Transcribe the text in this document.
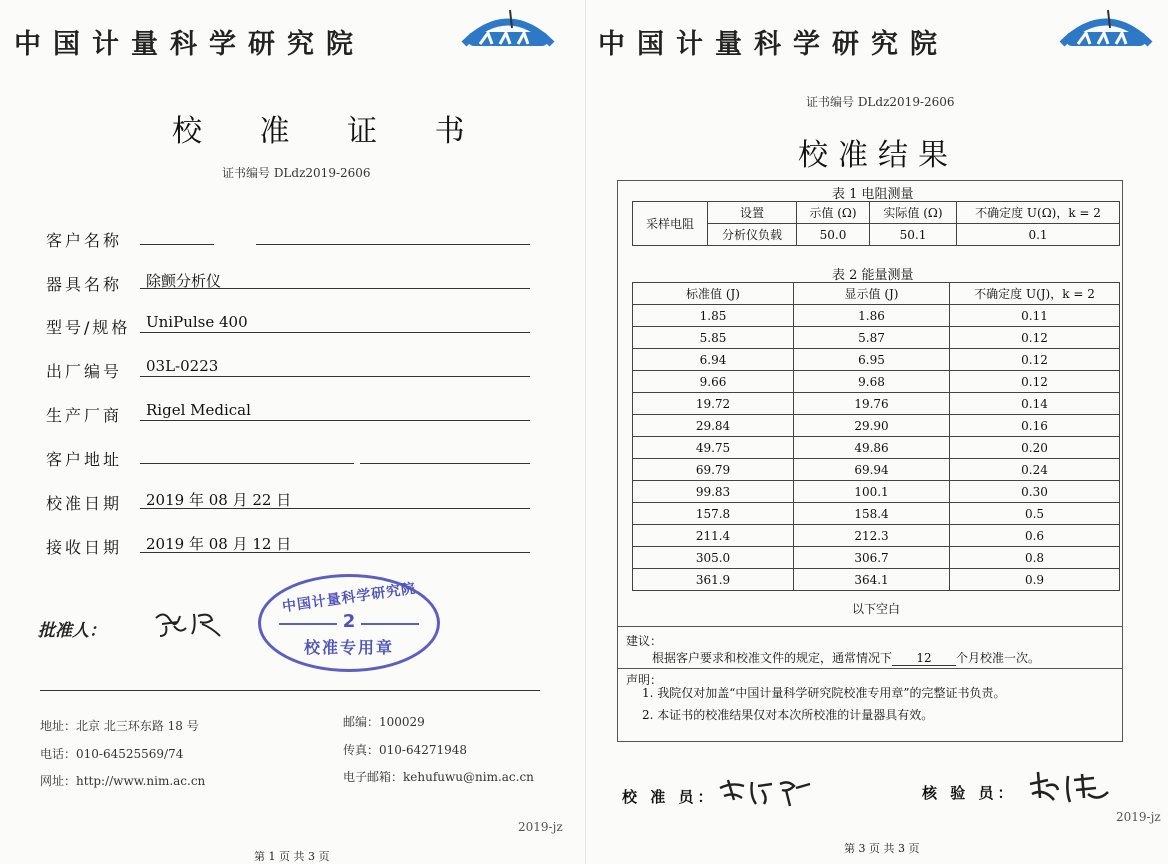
中国计量科学研究院
校 准 证 书
证书编号 DLdz2019-2606
客户名称
器具名称 除颤分析仪
型号/规格 UniPulse 400
出厂编号 03L-0223
生产厂商 Rigel Medical
客户地址
校准日期 2019 年 08 月 22 日
接收日期 2019 年 08 月 12 日
批准人：
中国计量科学研究院
2
校准专用章
地址：北京 北三环东路 18 号	邮编：100029
电话：010-64525569/74	传真：010-64271948
网址：http://www.nim.ac.cn	电子邮箱：kehufuwu@nim.ac.cn
2019-jz
第 1 页 共 3 页
中国计量科学研究院
证书编号 DLdz2019-2606
校准结果
表 1 电阻测量
采样电阻	设置	示值 (Ω)	实际值 (Ω)	不确定度 U(Ω)，k = 2
	分析仪负载	50.0	50.1	0.1
表 2 能量测量
标准值 (J)	显示值 (J)	不确定度 U(J)，k = 2
1.85	1.86	0.11
5.85	5.87	0.12
6.94	6.95	0.12
9.66	9.68	0.12
19.72	19.76	0.14
29.84	29.90	0.16
49.75	49.86	0.20
69.79	69.94	0.24
99.83	100.1	0.30
157.8	158.4	0.5
211.4	212.3	0.6
305.0	306.7	0.8
361.9	364.1	0.9
以下空白
建议：
根据客户要求和校准文件的规定，通常情况下 12 个月校准一次。
声明：
1. 我院仅对加盖“中国计量科学研究院校准专用章”的完整证书负责。
2. 本证书的校准结果仅对本次所校准的计量器具有效。
校 准 员：	核 验 员：
2019-jz
第 3 页 共 3 页
